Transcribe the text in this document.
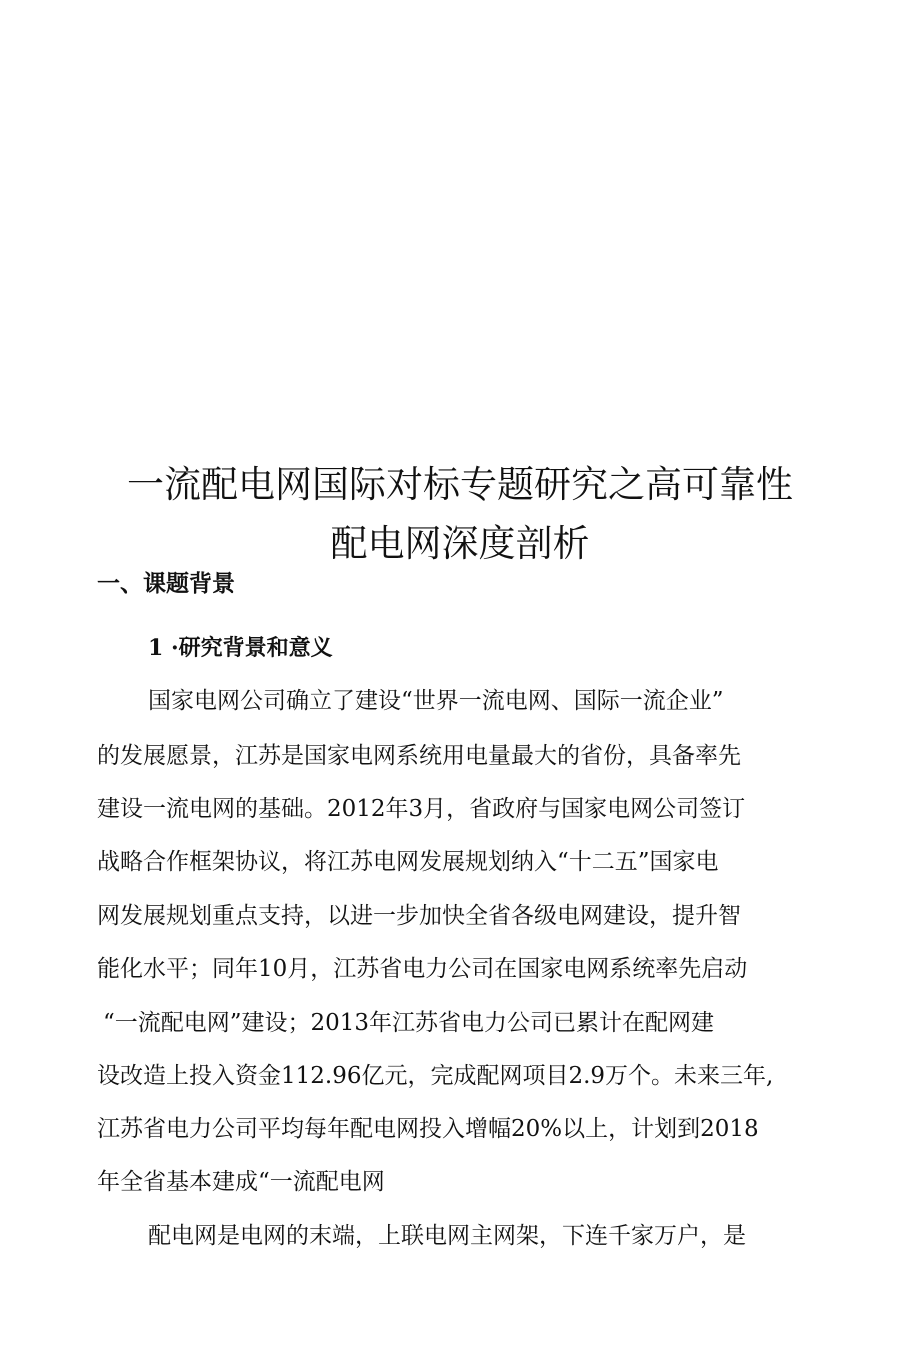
一流配电网国际对标专题研究之高可靠性
配电网深度剖析
一、课题背景
1 ·研究背景和意义

国家电网公司确立了建设“世界一流电网、国际一流企业”

的发展愿景，江苏是国家电网系统用电量最大的省份，具备率先

建设一流电网的基础。2012年3月，省政府与国家电网公司签订

战略合作框架协议，将江苏电网发展规划纳入“十二五”国家电

网发展规划重点支持，以进一步加快全省各级电网建设，提升智

能化水平；同年10月，江苏省电力公司在国家电网系统率先启动

“一流配电网”建设；2013年江苏省电力公司已累计在配网建

设改造上投入资金112.96亿元，完成配网项目2.9万个。未来三年,

江苏省电力公司平均每年配电网投入增幅20%以上，计划到2018

年全省基本建成“一流配电网

配电网是电网的末端，上联电网主网架，下连千家万户，是
